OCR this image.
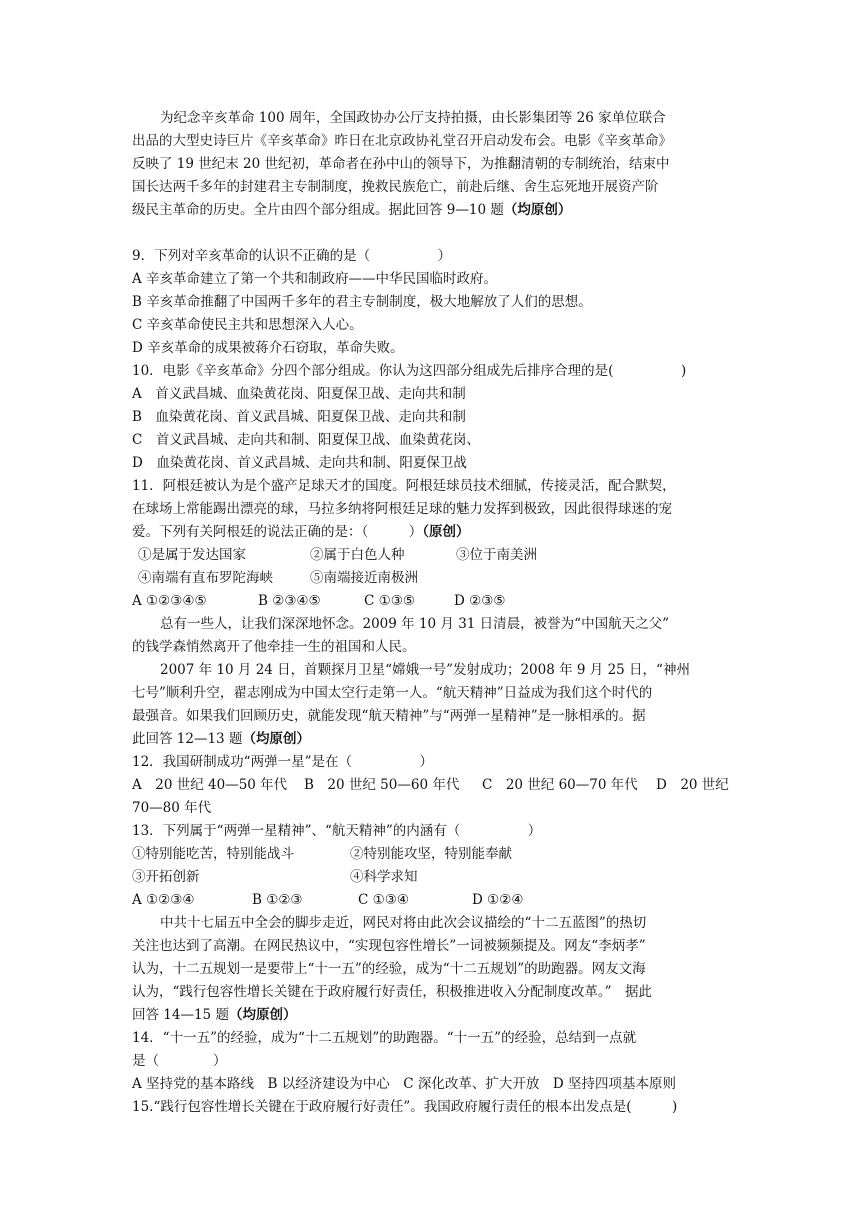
为纪念辛亥革命 100 周年，全国政协办公厅支持拍摄，由长影集团等 26 家单位联合
出品的大型史诗巨片《辛亥革命》昨日在北京政协礼堂召开启动发布会。电影《辛亥革命》
反映了 19 世纪末 20 世纪初，革命者在孙中山的领导下，为推翻清朝的专制统治，结束中
国长达两千多年的封建君主专制制度，挽救民族危亡，前赴后继、舍生忘死地开展资产阶
级民主革命的历史。全片由四个部分组成。据此回答 9—10 题（均原创）
9．下列对辛亥革命的认识不正确的是（　　　　　）
A 辛亥革命建立了第一个共和制政府——中华民国临时政府。
B 辛亥革命推翻了中国两千多年的君主专制制度，极大地解放了人们的思想。
C 辛亥革命使民主共和思想深入人心。
D 辛亥革命的成果被蒋介石窃取，革命失败。
10．电影《辛亥革命》分四个部分组成。你认为这四部分组成先后排序合理的是(　　　　　)
A　首义武昌城、血染黄花岗、阳夏保卫战、走向共和制
B　血染黄花岗、首义武昌城、阳夏保卫战、走向共和制
C　首义武昌城、走向共和制、阳夏保卫战、血染黄花岗、
D　血染黄花岗、首义武昌城、走向共和制、阳夏保卫战
11．阿根廷被认为是个盛产足球天才的国度。阿根廷球员技术细腻，传接灵活，配合默契，
在球场上常能踢出漂亮的球，马拉多纳将阿根廷足球的魅力发挥到极致，因此很得球迷的宠
爱。下列有关阿根廷的说法正确的是：（　　　）（原创）
①是属于发达国家	②属于白色人种	③位于南美洲
④南端有直布罗陀海峡	⑤南端接近南极洲
A ①②③④⑤	B ②③④⑤	C ①③⑤	D ②③⑤
总有一些人，让我们深深地怀念。2009 年 10 月 31 日清晨，被誉为“中国航天之父”
的钱学森悄然离开了他牵挂一生的祖国和人民。
2007 年 10 月 24 日，首颗探月卫星“嫦娥一号”发射成功；2008 年 9 月 25 日，“神州
七号”顺利升空，翟志刚成为中国太空行走第一人。“航天精神”日益成为我们这个时代的
最强音。如果我们回顾历史，就能发现“航天精神”与“两弹一星精神”是一脉相承的。据
此回答 12—13 题（均原创）
12．我国研制成功“两弹一星”是在（　　　　　）
A　20 世纪 40—50 年代 B　20 世纪 50—60 年代 C　20 世纪 60—70 年代 D　20 世纪
70—80 年代
13．下列属于“两弹一星精神”、“航天精神”的内涵有（　　　　　）
①特别能吃苦，特别能战斗	②特别能攻坚，特别能奉献
③开拓创新	④科学求知
A ①②③④	B ①②③	C ①③④	D ①②④
中共十七届五中全会的脚步走近，网民对将由此次会议描绘的“十二五蓝图”的热切
关注也达到了高潮。在网民热议中，“实现包容性增长”一词被频频提及。网友“李炳孝”
认为，十二五规划一是要带上“十一五”的经验，成为“十二五规划”的助跑器。网友文海
认为，“践行包容性增长关键在于政府履行好责任，积极推进收入分配制度改革。”　据此
回答 14—15 题（均原创）
14．“十一五”的经验，成为“十二五规划”的助跑器。“十一五”的经验，总结到一点就
是（　　　　）
A 坚持党的基本路线　B 以经济建设为中心　C 深化改革、扩大开放　D 坚持四项基本原则
15.“践行包容性增长关键在于政府履行好责任”。我国政府履行责任的根本出发点是(　　　)
